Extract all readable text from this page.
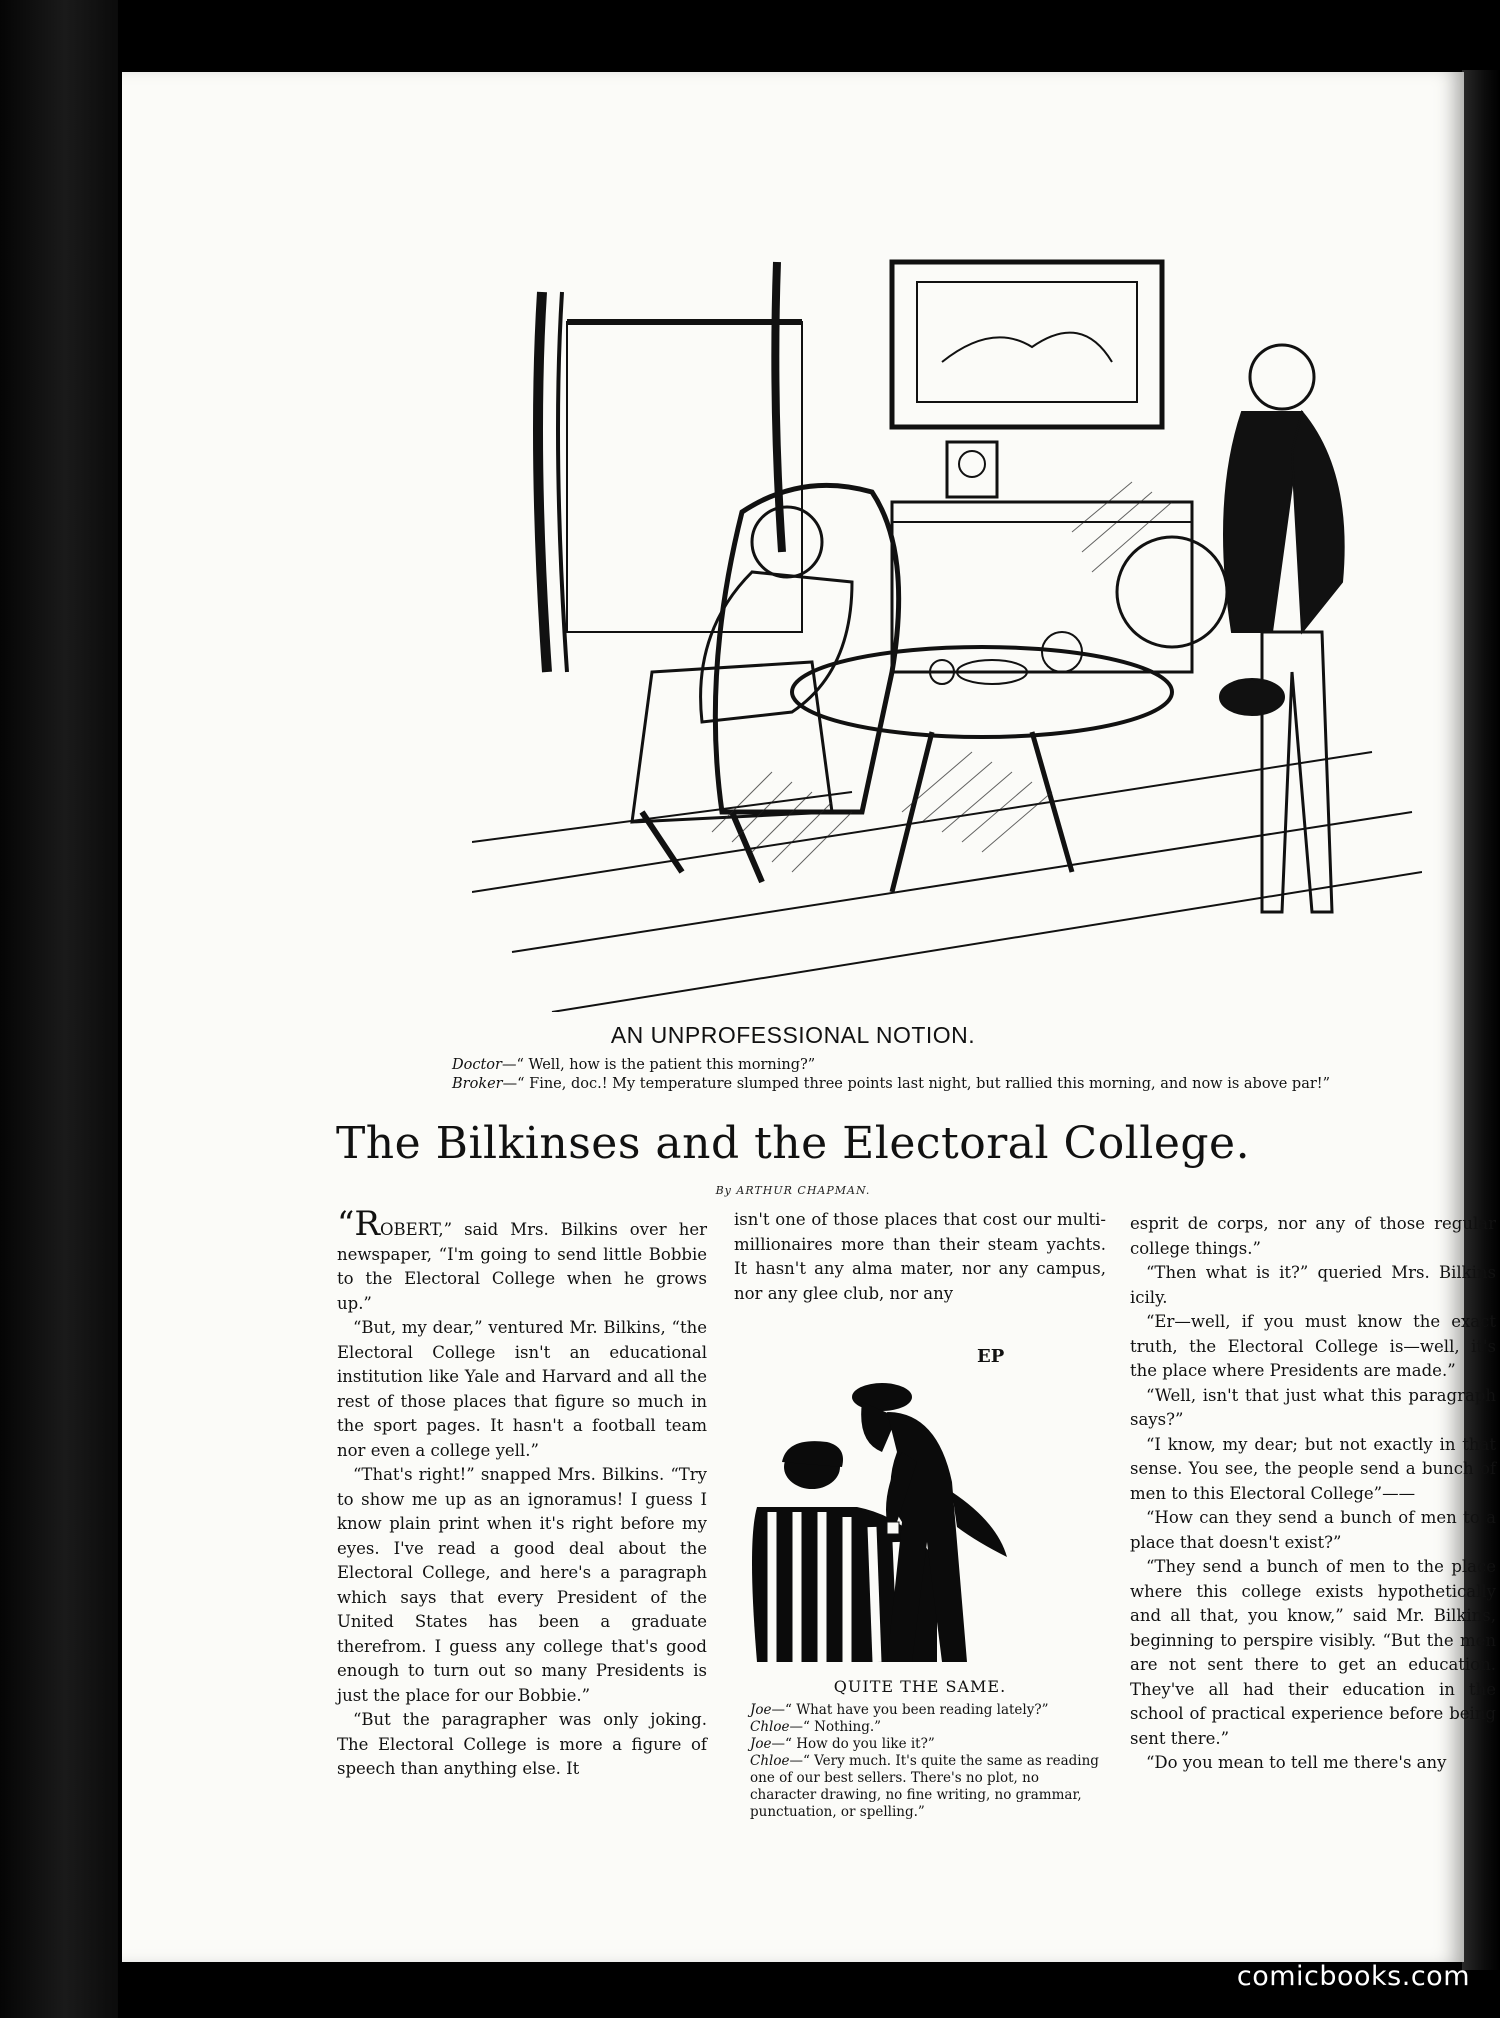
AN UNPROFESSIONAL NOTION.
Doctor—“ Well, how is the patient this morning?”
Broker—“ Fine, doc.! My temperature slumped three points last night, but rallied this morning, and now is above par!”
The Bilkinses and the Electoral College.
By ARTHUR CHAPMAN.

“ROBERT,” said Mrs. Bilkins over her newspaper, “I'm going to send little Bobbie to the Electoral College when he grows up.”

“But, my dear,” ventured Mr. Bilkins, “the Electoral College isn't an educational institution like Yale and Harvard and all the rest of those places that figure so much in the sport pages. It hasn't a football team nor even a college yell.”

“That's right!” snapped Mrs. Bilkins. “Try to show me up as an ignoramus! I guess I know plain print when it's right before my eyes. I've read a good deal about the Electoral College, and here's a paragraph which says that every President of the United States has been a graduate therefrom. I guess any college that's good enough to turn out so many Presidents is just the place for our Bobbie.”

“But the paragrapher was only joking. The Electoral College is more a figure of speech than anything else. It

isn't one of those places that cost our multi-millionaires more than their steam yachts. It hasn't any alma mater, nor any campus, nor any glee club, nor any

EP
QUITE THE SAME.
Joe—“ What have you been reading lately?”
Chloe—“ Nothing.”
Joe—“ How do you like it?”
Chloe—“ Very much. It's quite the same as reading one of our best sellers. There's no plot, no character drawing, no fine writing, no grammar, punctuation, or spelling.”

esprit de corps, nor any of those regular college things.”

“Then what is it?” queried Mrs. Bilkins icily.

“Er—well, if you must know the exact truth, the Electoral College is—well, it's the place where Presidents are made.”

“Well, isn't that just what this paragraph says?”

“I know, my dear; but not exactly in that sense. You see, the people send a bunch of men to this Electoral College”——

“How can they send a bunch of men to a place that doesn't exist?”

“They send a bunch of men to the place where this college exists hypothetically and all that, you know,” said Mr. Bilkins, beginning to perspire visibly. “But the men are not sent there to get an education. They've all had their education in the school of practical experience before being sent there.”

“Do you mean to tell me there's any

comicbooks.com
